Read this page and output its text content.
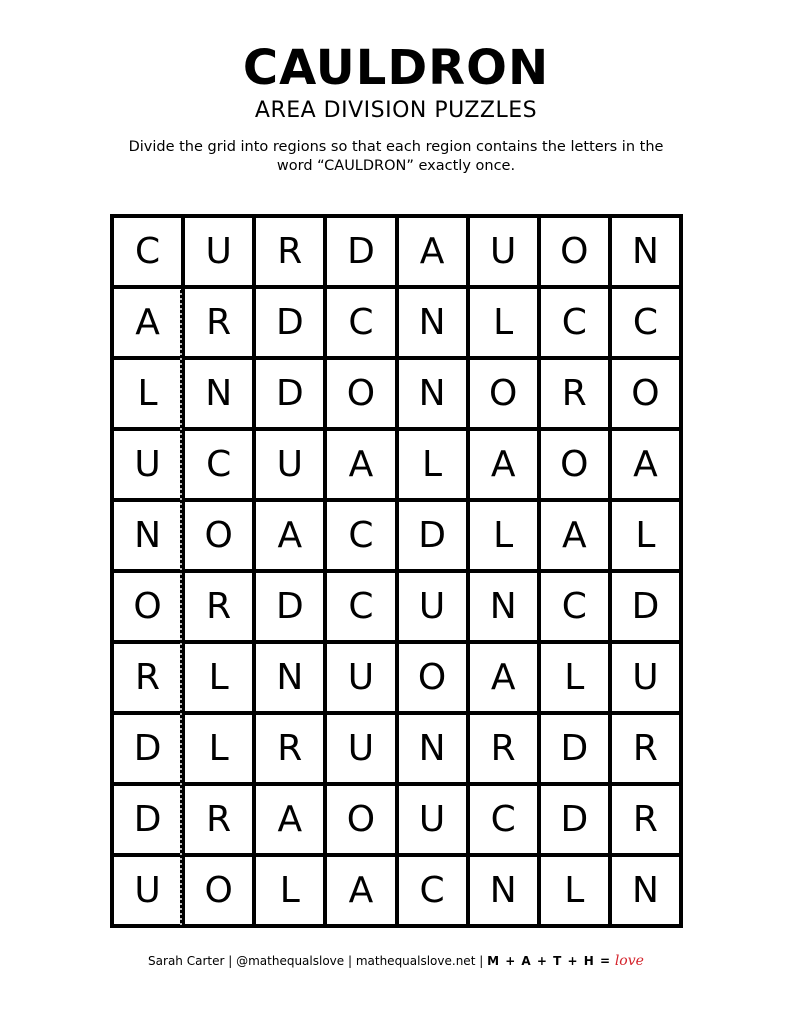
CAULDRON
AREA DIVISION PUZZLES
Divide the grid into regions so that each region contains the letters in the word “CAULDRON” exactly once.
C	U	R	D	A	U	O	N
A	R	D	C	N	L	C	C
L	N	D	O	N	O	R	O
U	C	U	A	L	A	O	A
N	O	A	C	D	L	A	L
O	R	D	C	U	N	C	D
R	L	N	U	O	A	L	U
D	L	R	U	N	R	D	R
D	R	A	O	U	C	D	R
U	O	L	A	C	N	L	N
Sarah Carter | @mathequalslove | mathequalslove.net | M + A + T + H = love
